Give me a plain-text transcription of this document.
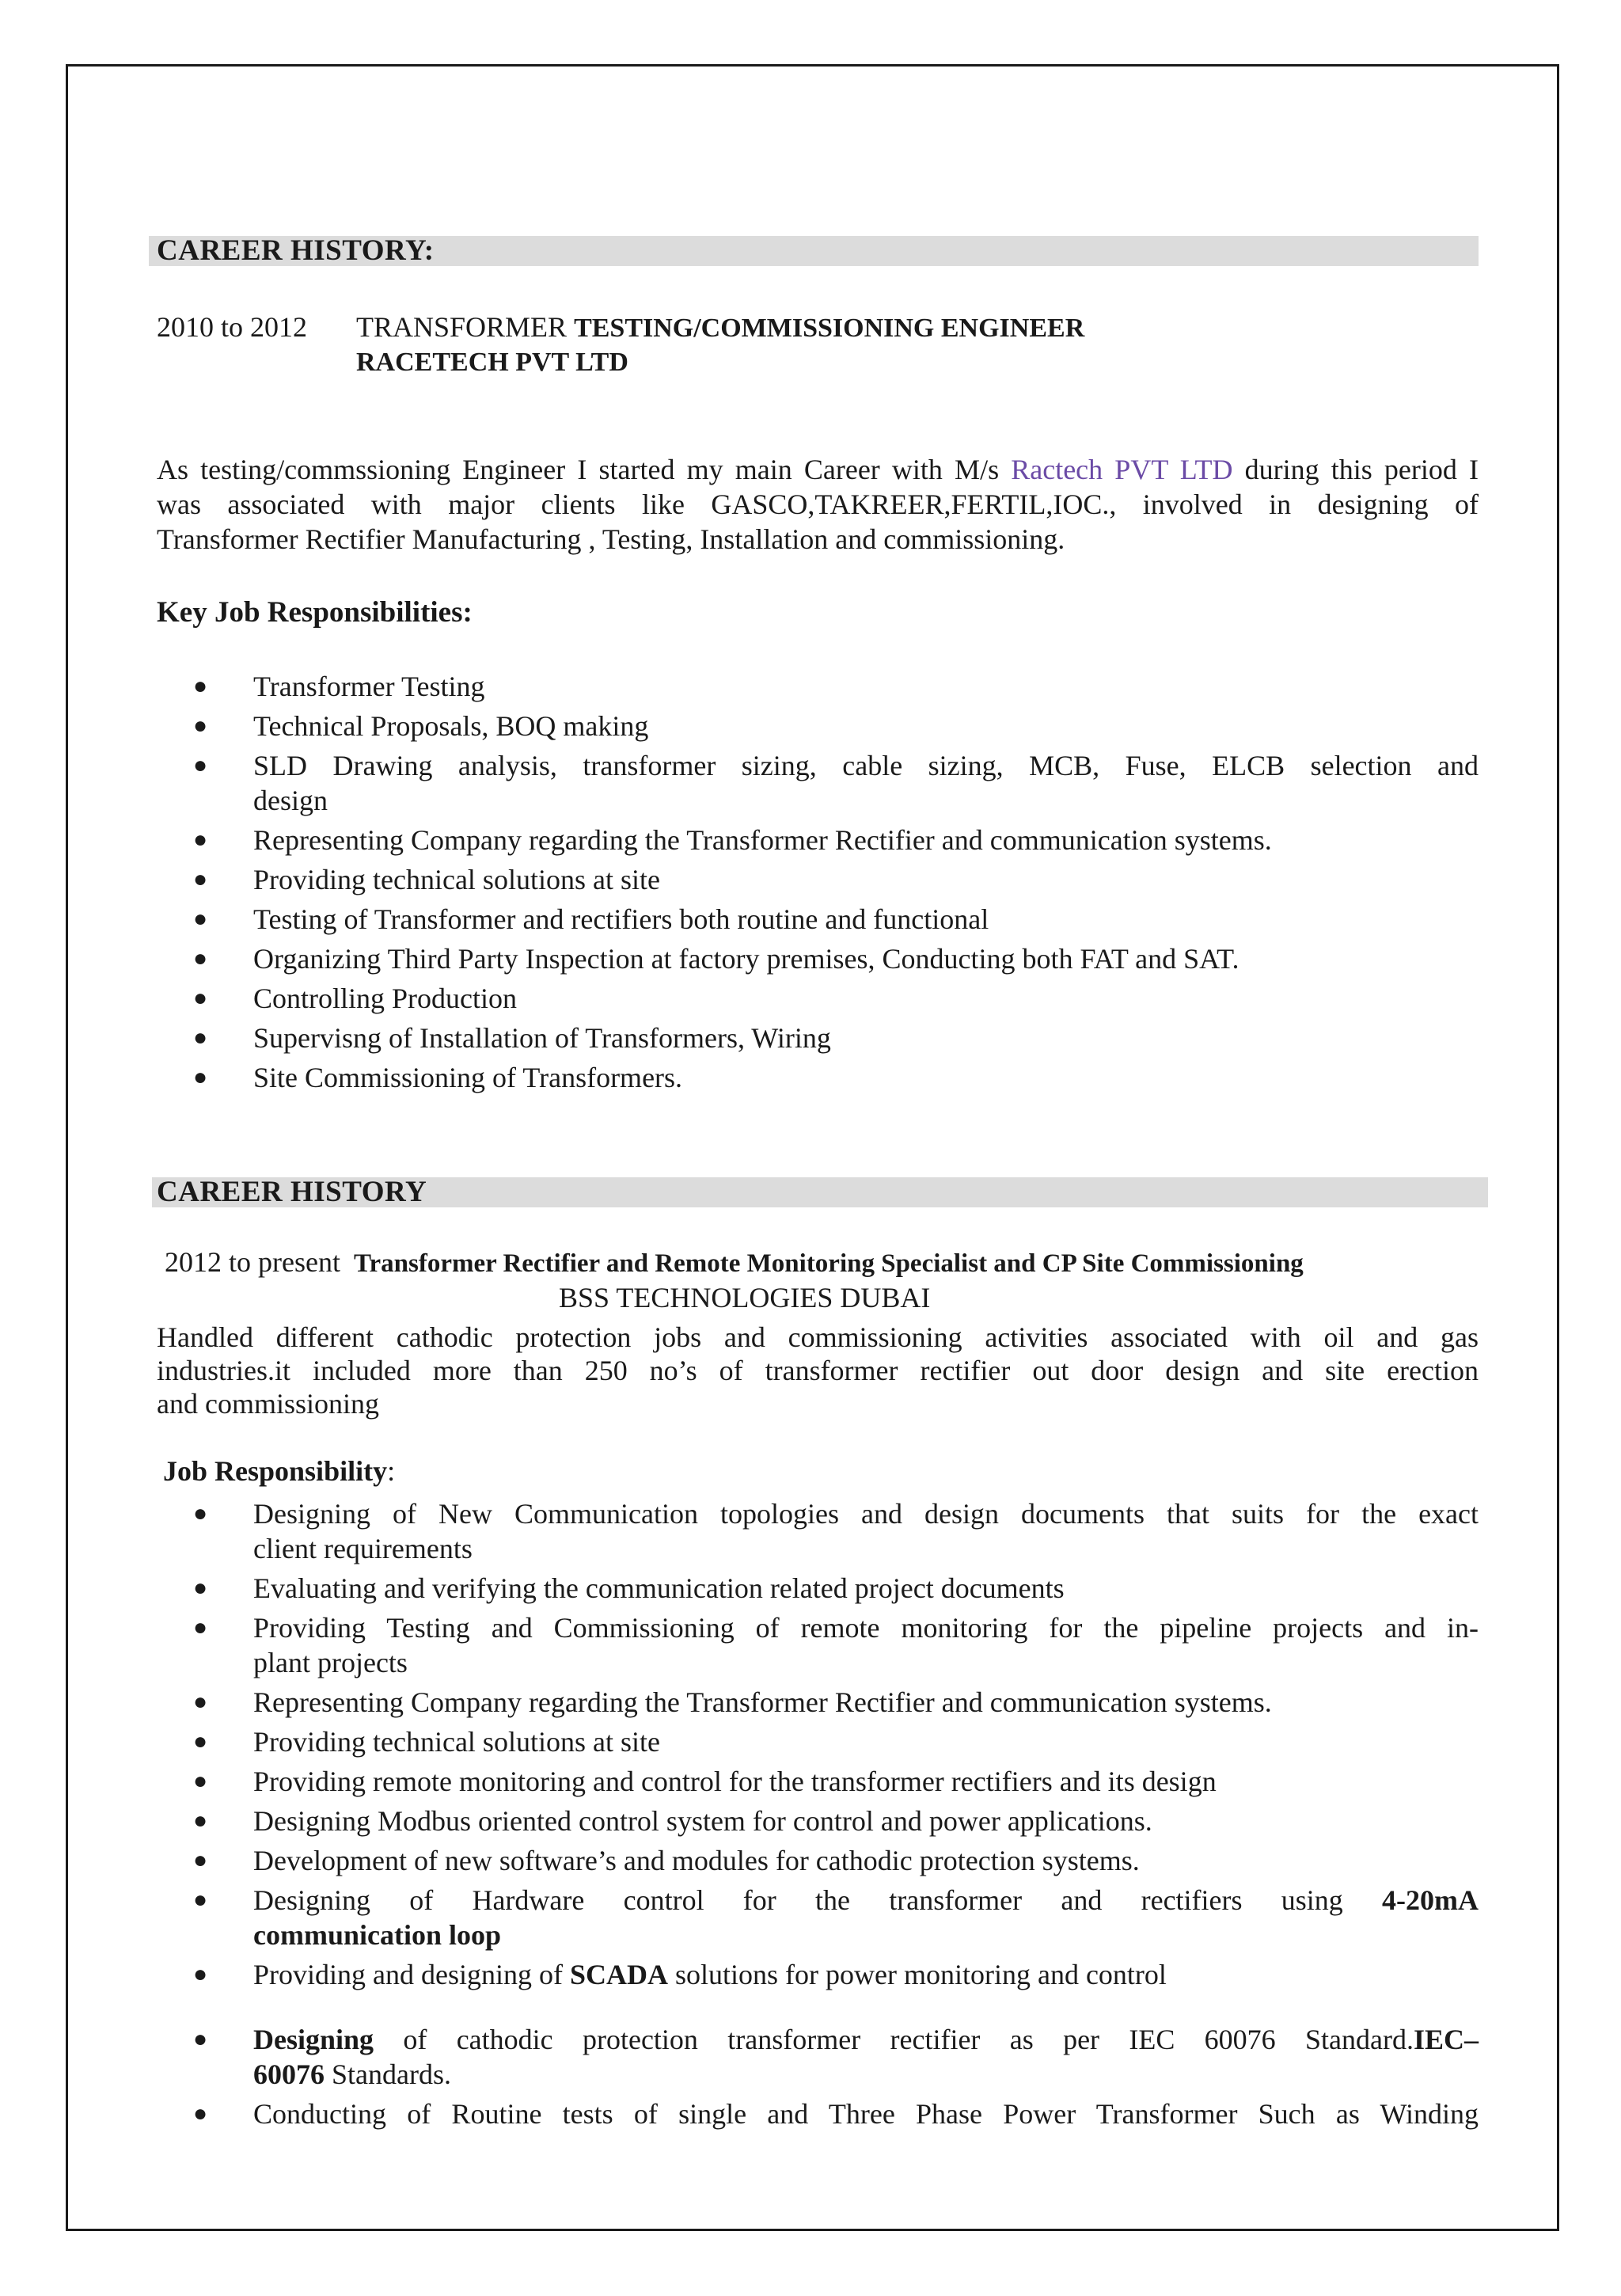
CAREER HISTORY:
2010 to 2012 TRANSFORMER TESTING/COMMISSIONING ENGINEER
RACETECH PVT LTD
As testing/commssioning Engineer I started my main Career with M/s Ractech PVT LTD during this period I
was associated with major clients like GASCO,TAKREER,FERTIL,IOC., involved in designing of
Transformer Rectifier Manufacturing , Testing, Installation and commissioning.
Key Job Responsibilities:
● Transformer Testing
● Technical Proposals, BOQ making
● SLD Drawing analysis, transformer sizing, cable sizing, MCB, Fuse, ELCB selection and
design
● Representing Company regarding the Transformer Rectifier and communication systems.
● Providing technical solutions at site
● Testing of Transformer and rectifiers both routine and functional
● Organizing Third Party Inspection at factory premises, Conducting both FAT and SAT.
● Controlling Production
● Supervisng of Installation of Transformers, Wiring
● Site Commissioning of Transformers.
CAREER HISTORY
2012 to present Transformer Rectifier and Remote Monitoring Specialist and CP Site Commissioning
BSS TECHNOLOGIES DUBAI
Handled different cathodic protection jobs and commissioning activities associated with oil and gas
industries.it included more than 250 no’s of transformer rectifier out door design and site erection
and commissioning
Job Responsibility:
● Designing of New Communication topologies and design documents that suits for the exact
client requirements
● Evaluating and verifying the communication related project documents
● Providing Testing and Commissioning of remote monitoring for the pipeline projects and in-
plant projects
● Representing Company regarding the Transformer Rectifier and communication systems.
● Providing technical solutions at site
● Providing remote monitoring and control for the transformer rectifiers and its design
● Designing Modbus oriented control system for control and power applications.
● Development of new software’s and modules for cathodic protection systems.
● Designing of Hardware control for the transformer and rectifiers using 4-20mA
communication loop
● Providing and designing of SCADA solutions for power monitoring and control
● Designing of cathodic protection transformer rectifier as per IEC 60076 Standard.IEC–
60076 Standards.
● Conducting of Routine tests of single and Three Phase Power Transformer Such as Winding
